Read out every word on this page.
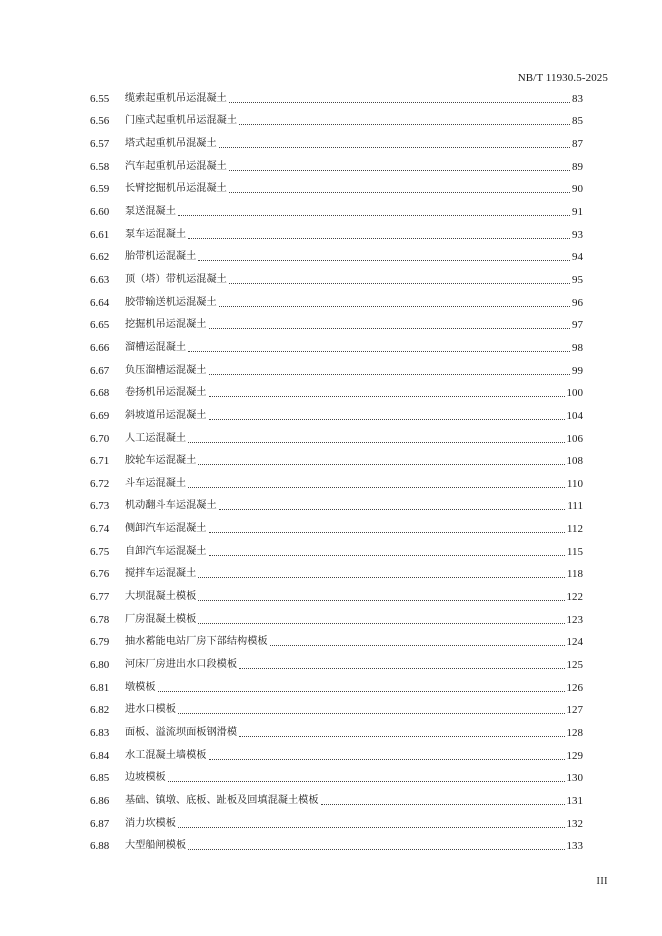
NB/T 11930.5-2025
6.55	缆索起重机吊运混凝土	83
6.56	门座式起重机吊运混凝土	85
6.57	塔式起重机吊混凝土	87
6.58	汽车起重机吊运混凝土	89
6.59	长臂挖掘机吊运混凝土	90
6.60	泵送混凝土	91
6.61	泵车运混凝土	93
6.62	胎带机运混凝土	94
6.63	顶（塔）带机运混凝土	95
6.64	胶带输送机运混凝土	96
6.65	挖掘机吊运混凝土	97
6.66	溜槽运混凝土	98
6.67	负压溜槽运混凝土	99
6.68	卷扬机吊运混凝土	100
6.69	斜坡道吊运混凝土	104
6.70	人工运混凝土	106
6.71	胶轮车运混凝土	108
6.72	斗车运混凝土	110
6.73	机动翻斗车运混凝土	111
6.74	侧卸汽车运混凝土	112
6.75	自卸汽车运混凝土	115
6.76	搅拌车运混凝土	118
6.77	大坝混凝土模板	122
6.78	厂房混凝土模板	123
6.79	抽水蓄能电站厂房下部结构模板	124
6.80	河床厂房进出水口段模板	125
6.81	墩模板	126
6.82	进水口模板	127
6.83	面板、溢流坝面板钢滑模	128
6.84	水工混凝土墙模板	129
6.85	边坡模板	130
6.86	基础、镇墩、底板、趾板及回填混凝土模板	131
6.87	消力坎模板	132
6.88	大型船闸模板	133
III
